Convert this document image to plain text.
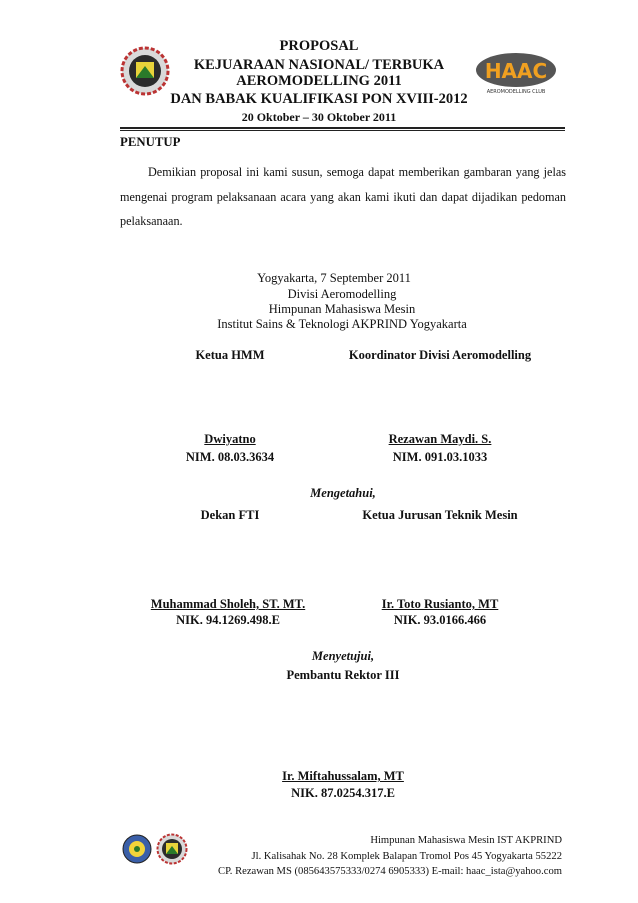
HAAC
AEROMODELLING CLUB
PROPOSAL
KEJUARAAN NASIONAL/ TERBUKA
AEROMODELLING 2011
DAN BABAK KUALIFIKASI PON XVIII-2012
20 Oktober – 30 Oktober 2011
PENUTUP
Demikian proposal ini kami susun, semoga dapat memberikan gambaran yang jelas mengenai program pelaksanaan acara yang akan kami ikuti dan dapat dijadikan pedoman pelaksanaan.
Yogyakarta, 7 September 2011
Divisi Aeromodelling
Himpunan Mahasiswa Mesin
Institut Sains & Teknologi AKPRIND Yogyakarta
Ketua HMM	Koordinator Divisi Aeromodelling
Dwiyatno
NIM. 08.03.3634
Rezawan Maydi. S.
NIM. 091.03.1033
Mengetahui,
Dekan FTI	Ketua Jurusan Teknik Mesin
Muhammad Sholeh, ST. MT.
NIK. 94.1269.498.E
Ir. Toto Rusianto, MT
NIK. 93.0166.466
Menyetujui,
Pembantu Rektor III
Ir. Miftahussalam, MT
NIK. 87.0254.317.E
Himpunan Mahasiswa Mesin IST AKPRIND
Jl. Kalisahak No. 28 Komplek Balapan Tromol Pos 45 Yogyakarta 55222
CP. Rezawan MS (085643575333/0274 6905333) E-mail: haac_ista@yahoo.com
